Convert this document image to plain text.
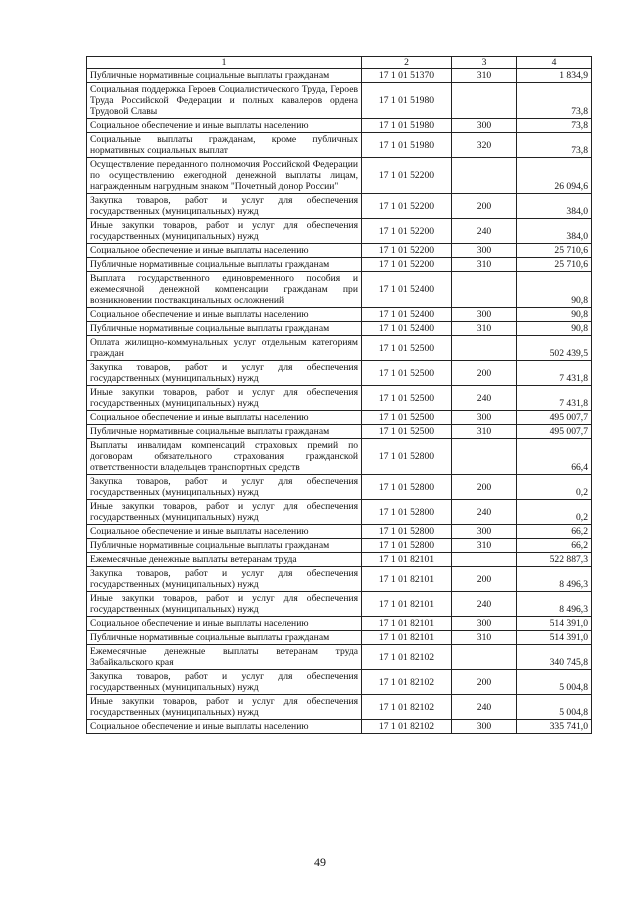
1	2	3	4
Публичные нормативные социальные выплаты гражданам	17 1 01 51370	310	1 834,9
Социальная поддержка Героев Социалистического Труда, Героев Труда Российской Федерации и полных кавалеров ордена Трудовой Славы	17 1 01 51980		73,8
Социальное обеспечение и иные выплаты населению	17 1 01 51980	300	73,8
Социальные выплаты гражданам, кроме публичных нормативных социальных выплат	17 1 01 51980	320	73,8
Осуществление переданного полномочия Российской Федерации по осуществлению ежегодной денежной выплаты лицам, награжденным нагрудным знаком "Почетный донор России"	17 1 01 52200		26 094,6
Закупка товаров, работ и услуг для обеспечения государственных (муниципальных) нужд	17 1 01 52200	200	384,0
Иные закупки товаров, работ и услуг для обеспечения государственных (муниципальных) нужд	17 1 01 52200	240	384,0
Социальное обеспечение и иные выплаты населению	17 1 01 52200	300	25 710,6
Публичные нормативные социальные выплаты гражданам	17 1 01 52200	310	25 710,6
Выплата государственного единовременного пособия и ежемесячной денежной компенсации гражданам при возникновении поствакцинальных осложнений	17 1 01 52400		90,8
Социальное обеспечение и иные выплаты населению	17 1 01 52400	300	90,8
Публичные нормативные социальные выплаты гражданам	17 1 01 52400	310	90,8
Оплата жилищно-коммунальных услуг отдельным категориям граждан	17 1 01 52500		502 439,5
Закупка товаров, работ и услуг для обеспечения государственных (муниципальных) нужд	17 1 01 52500	200	7 431,8
Иные закупки товаров, работ и услуг для обеспечения государственных (муниципальных) нужд	17 1 01 52500	240	7 431,8
Социальное обеспечение и иные выплаты населению	17 1 01 52500	300	495 007,7
Публичные нормативные социальные выплаты гражданам	17 1 01 52500	310	495 007,7
Выплаты инвалидам компенсаций страховых премий по договорам обязательного страхования гражданской ответственности владельцев транспортных средств	17 1 01 52800		66,4
Закупка товаров, работ и услуг для обеспечения государственных (муниципальных) нужд	17 1 01 52800	200	0,2
Иные закупки товаров, работ и услуг для обеспечения государственных (муниципальных) нужд	17 1 01 52800	240	0,2
Социальное обеспечение и иные выплаты населению	17 1 01 52800	300	66,2
Публичные нормативные социальные выплаты гражданам	17 1 01 52800	310	66,2
Ежемесячные денежные выплаты ветеранам труда	17 1 01 82101		522 887,3
Закупка товаров, работ и услуг для обеспечения государственных (муниципальных) нужд	17 1 01 82101	200	8 496,3
Иные закупки товаров, работ и услуг для обеспечения государственных (муниципальных) нужд	17 1 01 82101	240	8 496,3
Социальное обеспечение и иные выплаты населению	17 1 01 82101	300	514 391,0
Публичные нормативные социальные выплаты гражданам	17 1 01 82101	310	514 391,0
Ежемесячные денежные выплаты ветеранам труда Забайкальского края	17 1 01 82102		340 745,8
Закупка товаров, работ и услуг для обеспечения государственных (муниципальных) нужд	17 1 01 82102	200	5 004,8
Иные закупки товаров, работ и услуг для обеспечения государственных (муниципальных) нужд	17 1 01 82102	240	5 004,8
Социальное обеспечение и иные выплаты населению	17 1 01 82102	300	335 741,0
49
